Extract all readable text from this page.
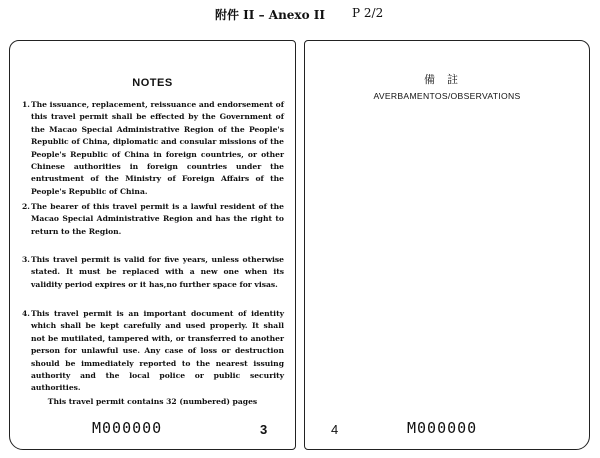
附件 II – Anexo II P 2/2
NOTES
1. The issuance, replacement, reissuance and endorsement of this travel permit shall be effected by the Government of the Macao Special Administrative Region of the People's Republic of China, diplomatic and consular missions of the People's Republic of China in foreign countries, or other Chinese authorities in foreign countries under the entrustment of the Ministry of Foreign Affairs of the People's Republic of China.
2. The bearer of this travel permit is a lawful resident of the Macao Special Administrative Region and has the right to return to the Region.
3. This travel permit is valid for five years, unless otherwise stated. It must be replaced with a new one when its validity period expires or it has,no further space for visas.
4. This travel permit is an important document of identity which shall be kept carefully and used properly. It shall not be mutilated, tampered with, or transferred to another person for unlawful use. Any case of loss or destruction should be immediately reported to the nearest issuing authority and the local police or public security authorities.
This travel permit contains 32 (numbered) pages
M000000	3
備註
AVERBAMENTOS/OBSERVATIONS
4	M000000
